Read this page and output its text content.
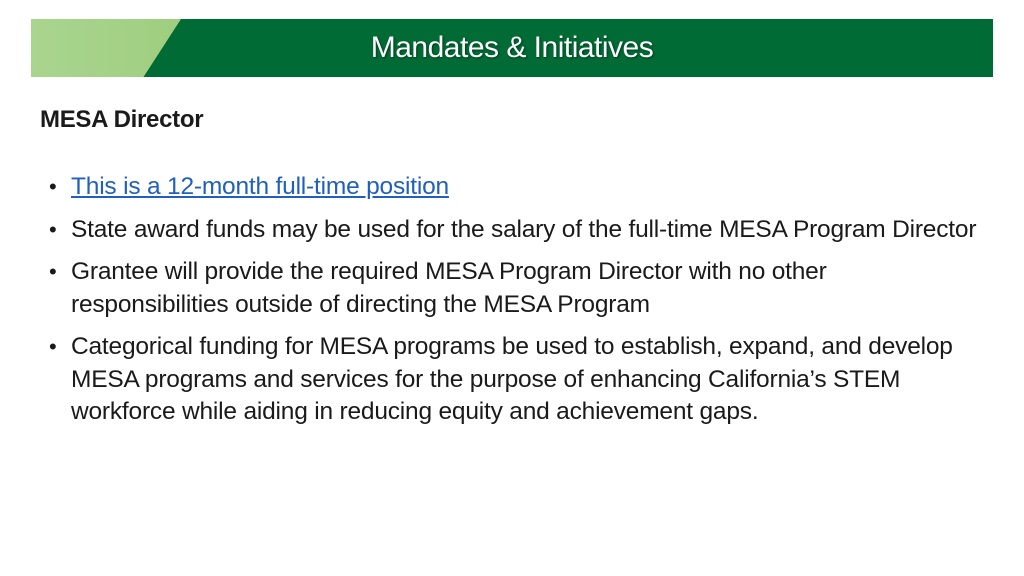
Mandates & Initiatives
MESA Director
• This is a 12-month full-time position
• State award funds may be used for the salary of the full-time MESA Program Director
• Grantee will provide the required MESA Program Director with no other responsibilities outside of directing the MESA Program
• Categorical funding for MESA programs be used to establish, expand, and develop MESA programs and services for the purpose of enhancing California’s STEM workforce while aiding in reducing equity and achievement gaps.
